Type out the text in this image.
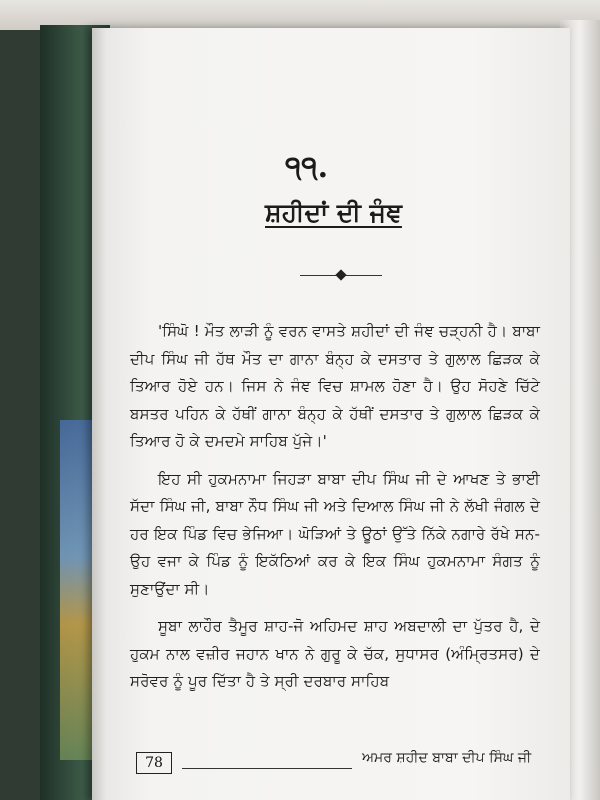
੧੧.
ਸ਼ਹੀਦਾਂ ਦੀ ਜੰਞ

'ਸਿੰਘੋ ! ਮੌਤ ਲਾੜੀ ਨੂੰ ਵਰਨ ਵਾਸਤੇ ਸ਼ਹੀਦਾਂ ਦੀ ਜੰਞ ਚੜ੍ਹਨੀ ਹੈ। ਬਾਬਾ ਦੀਪ ਸਿੰਘ ਜੀ ਹੱਥ ਮੌਤ ਦਾ ਗਾਨਾ ਬੰਨ੍ਹ ਕੇ ਦਸਤਾਰ ਤੇ ਗੁਲਾਲ ਛਿੜਕ ਕੇ ਤਿਆਰ ਹੋਏ ਹਨ। ਜਿਸ ਨੇ ਜੰਞ ਵਿਚ ਸ਼ਾਮਲ ਹੋਣਾ ਹੈ। ਉਹ ਸੋਹਣੇ ਚਿੱਟੇ ਬਸਤਰ ਪਹਿਨ ਕੇ ਹੱਥੀਂ ਗਾਨਾ ਬੰਨ੍ਹ ਕੇ ਹੱਥੀਂ ਦਸਤਾਰ ਤੇ ਗੁਲਾਲ ਛਿੜਕ ਕੇ ਤਿਆਰ ਹੋ ਕੇ ਦਮਦਮੇ ਸਾਹਿਬ ਪੁੱਜੇ।'

ਇਹ ਸੀ ਹੁਕਮਨਾਮਾ ਜਿਹੜਾ ਬਾਬਾ ਦੀਪ ਸਿੰਘ ਜੀ ਦੇ ਆਖਣ ਤੇ ਭਾਈ ਸੱਦਾ ਸਿੰਘ ਜੀ, ਬਾਬਾ ਨੌਧ ਸਿੰਘ ਜੀ ਅਤੇ ਦਿਆਲ ਸਿੰਘ ਜੀ ਨੇ ਲੱਖੀ ਜੰਗਲ ਦੇ ਹਰ ਇਕ ਪਿੰਡ ਵਿਚ ਭੇਜਿਆ। ਘੋੜਿਆਂ ਤੇ ਊਠਾਂ ਉੱਤੇ ਨਿੱਕੇ ਨਗਾਰੇ ਰੱਖੇ ਸਨ-ਉਹ ਵਜਾ ਕੇ ਪਿੰਡ ਨੂੰ ਇਕੱਠਿਆਂ ਕਰ ਕੇ ਇਕ ਸਿੰਘ ਹੁਕਮਨਾਮਾ ਸੰਗਤ ਨੂੰ ਸੁਣਾਉਂਦਾ ਸੀ।

ਸੂਬਾ ਲਾਹੌਰ ਤੈਮੂਰ ਸ਼ਾਹ-ਜੋ ਅਹਿਮਦ ਸ਼ਾਹ ਅਬਦਾਲੀ ਦਾ ਪੁੱਤਰ ਹੈ, ਦੇ ਹੁਕਮ ਨਾਲ ਵਜ਼ੀਰ ਜਹਾਨ ਖਾਨ ਨੇ ਗੁਰੂ ਕੇ ਚੱਕ, ਸੁਧਾਸਰ (ਅੰਮ੍ਰਿਤਸਰ) ਦੇ ਸਰੋਵਰ ਨੂੰ ਪੂਰ ਦਿੱਤਾ ਹੈ ਤੇ ਸ੍ਰੀ ਦਰਬਾਰ ਸਾਹਿਬ

78	ਅਮਰ ਸ਼ਹੀਦ ਬਾਬਾ ਦੀਪ ਸਿੰਘ ਜੀ
